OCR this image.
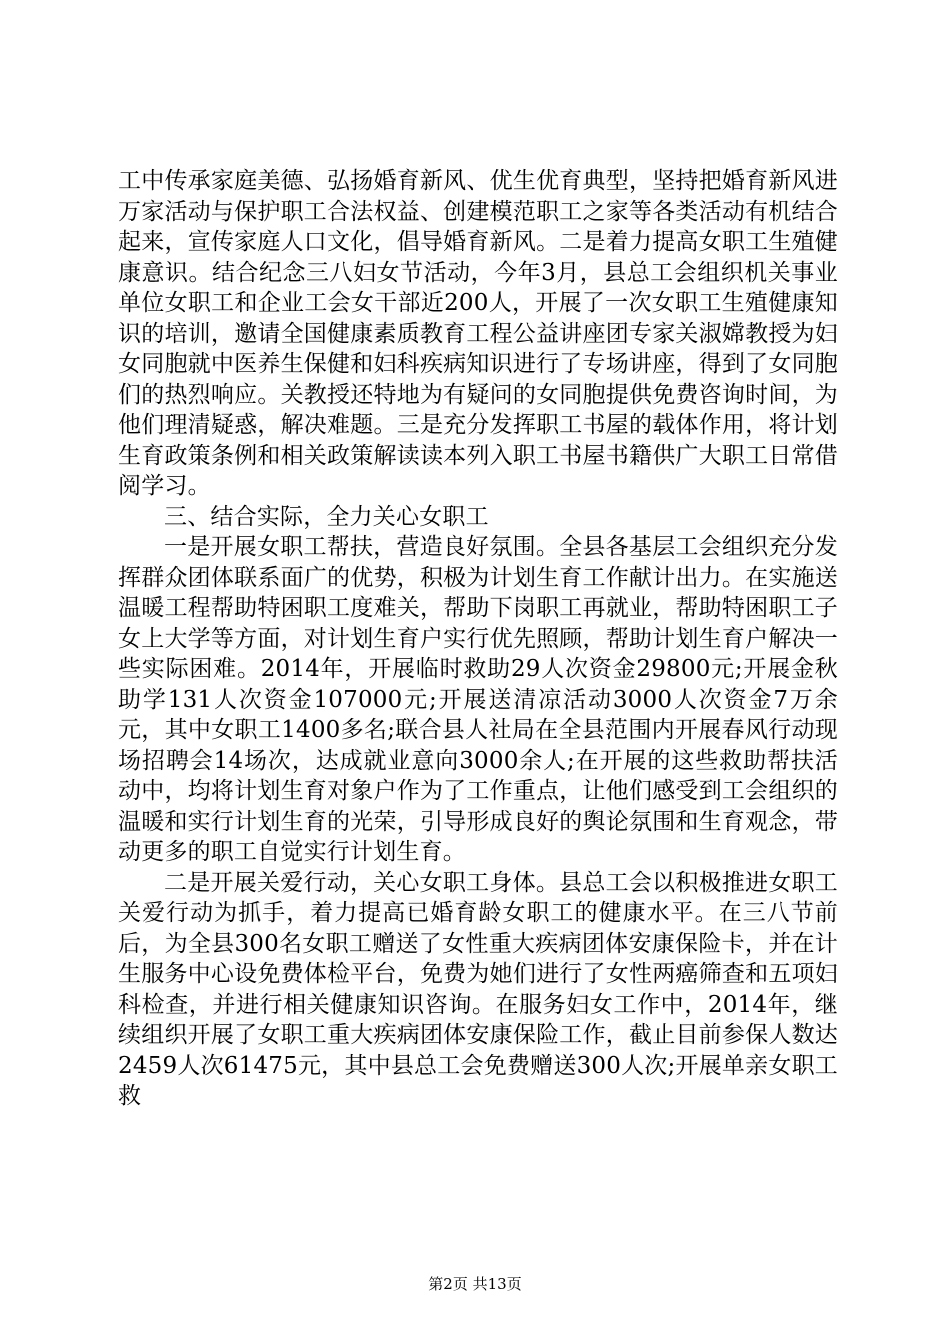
工中传承家庭美德、弘扬婚育新风、优生优育典型，坚持把婚育新风进万家活动与保护职工合法权益、创建模范职工之家等各类活动有机结合起来，宣传家庭人口文化，倡导婚育新风。二是着力提高女职工生殖健康意识。结合纪念三八妇女节活动，今年3月，县总工会组织机关事业单位女职工和企业工会女干部近200人，开展了一次女职工生殖健康知识的培训，邀请全国健康素质教育工程公益讲座团专家关淑嫦教授为妇女同胞就中医养生保健和妇科疾病知识进行了专场讲座，得到了女同胞们的热烈响应。关教授还特地为有疑问的女同胞提供免费咨询时间，为他们理清疑惑，解决难题。三是充分发挥职工书屋的载体作用，将计划生育政策条例和相关政策解读读本列入职工书屋书籍供广大职工日常借阅学习。

三、结合实际，全力关心女职工

一是开展女职工帮扶，营造良好氛围。全县各基层工会组织充分发挥群众团体联系面广的优势，积极为计划生育工作献计出力。在实施送温暖工程帮助特困职工度难关，帮助下岗职工再就业，帮助特困职工子女上大学等方面，对计划生育户实行优先照顾，帮助计划生育户解决一些实际困难。2014年，开展临时救助29人次资金29800元;开展金秋助学131人次资金107000元;开展送清凉活动3000人次资金7万余元，其中女职工1400多名;联合县人社局在全县范围内开展春风行动现场招聘会14场次，达成就业意向3000余人;在开展的这些救助帮扶活动中，均将计划生育对象户作为了工作重点，让他们感受到工会组织的温暖和实行计划生育的光荣，引导形成良好的舆论氛围和生育观念，带动更多的职工自觉实行计划生育。

二是开展关爱行动，关心女职工身体。县总工会以积极推进女职工关爱行动为抓手，着力提高已婚育龄女职工的健康水平。在三八节前后，为全县300名女职工赠送了女性重大疾病团体安康保险卡，并在计生服务中心设免费体检平台，免费为她们进行了女性两癌筛查和五项妇科检查，并进行相关健康知识咨询。在服务妇女工作中，2014年，继续组织开展了女职工重大疾病团体安康保险工作，截止目前参保人数达2459人次61475元，其中县总工会免费赠送300人次;开展单亲女职工救

第2页 共13页
